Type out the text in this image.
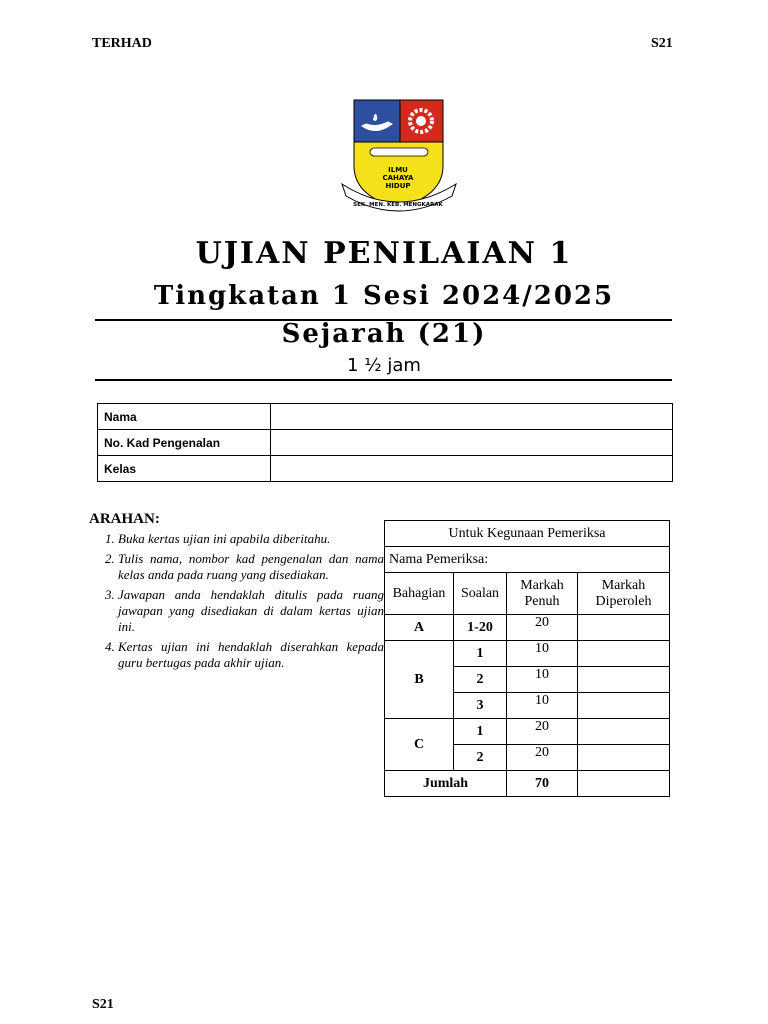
TERHAD	S21
ILMU
CAHAYA
HIDUP
SEK. MEN. KEB. MENGKARAK
UJIAN PENILAIAN 1
Tingkatan 1 Sesi 2024/2025
Sejarah (21)
1 ½ jam
Nama	
No. Kad Pengenalan	
Kelas	
ARAHAN:
1. Buka kertas ujian ini apabila diberitahu.
2. Tulis nama, nombor kad pengenalan dan nama kelas anda pada ruang yang disediakan.
3. Jawapan anda hendaklah ditulis pada ruang jawapan yang disediakan di dalam kertas ujian ini.
4. Kertas ujian ini hendaklah diserahkan kepada guru bertugas pada akhir ujian.
Untuk Kegunaan Pemeriksa			
Nama Pemeriksa:			
Bahagian	Soalan	Markah Penuh	Markah Diperoleh
A	1-20	20	
B	1	10	
	2	10	
	3	10	
C	1	20	
	2	20	
Jumlah		70	
S21
